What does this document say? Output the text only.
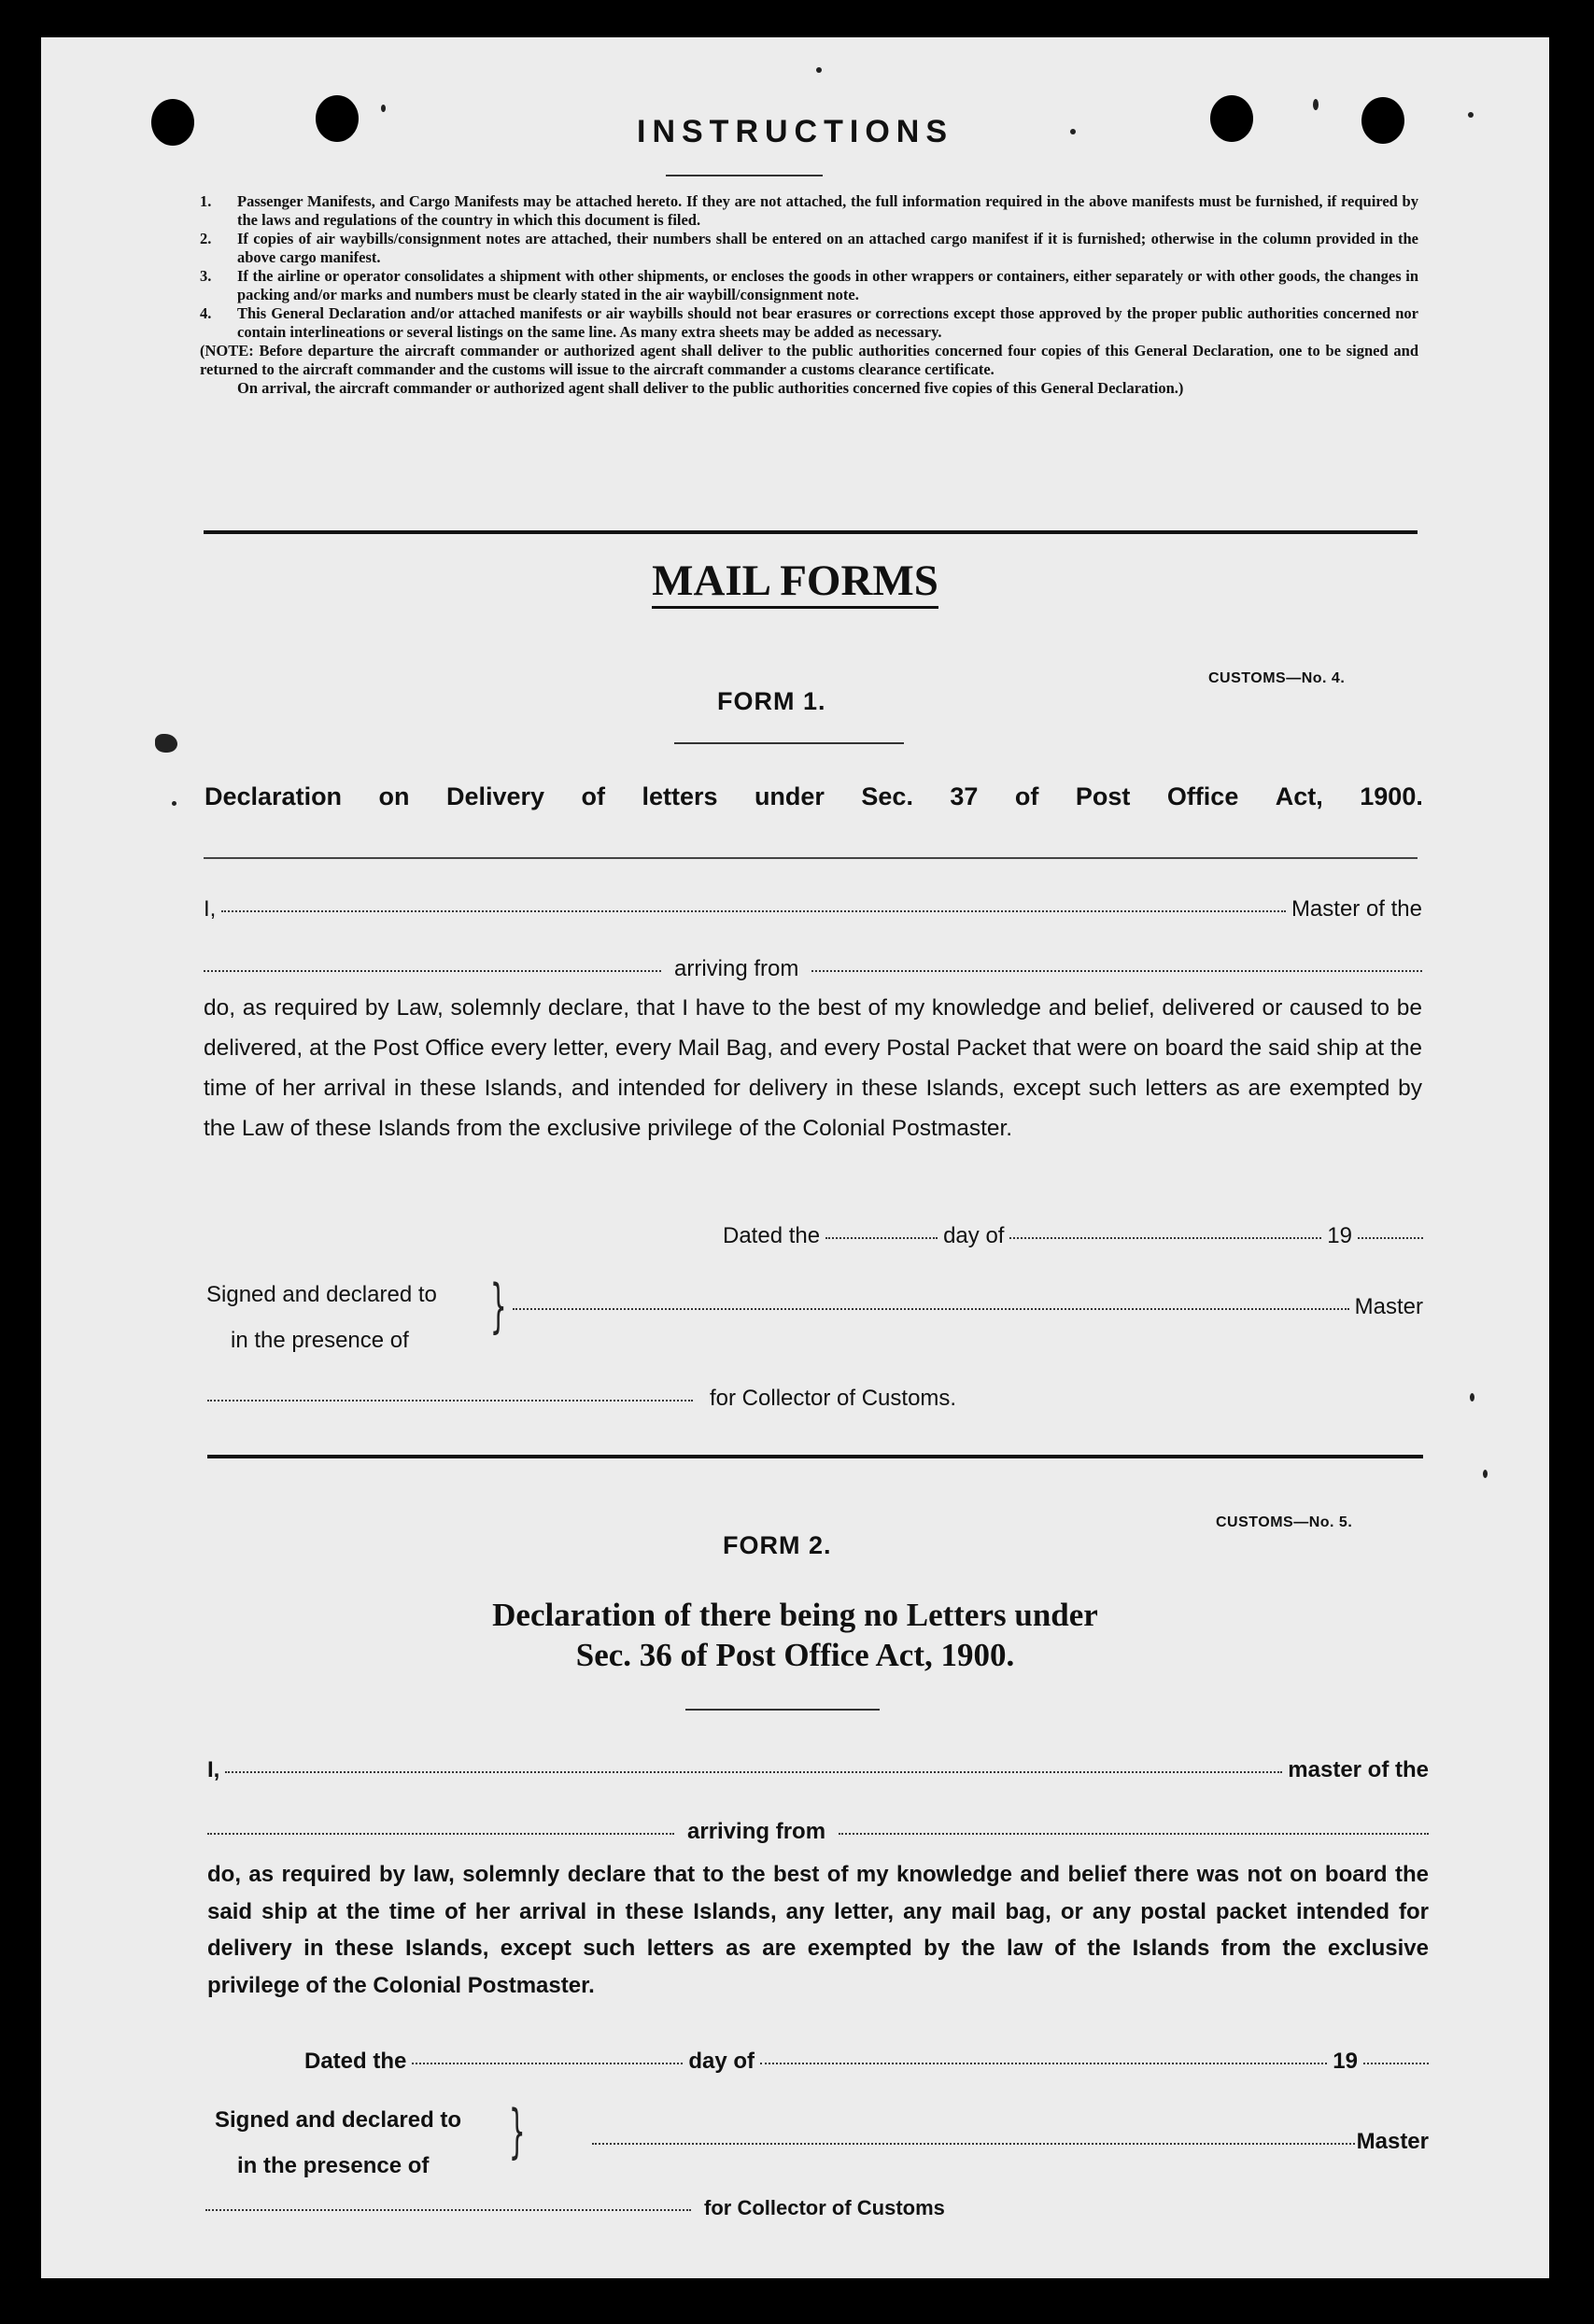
INSTRUCTIONS
1. Passenger Manifests, and Cargo Manifests may be attached hereto. If they are not attached, the full information required in the above manifests must be furnished, if required by the laws and regulations of the country in which this document is filed.
2. If copies of air waybills/consignment notes are attached, their numbers shall be entered on an attached cargo manifest if it is furnished; otherwise in the column provided in the above cargo manifest.
3. If the airline or operator consolidates a shipment with other shipments, or encloses the goods in other wrappers or containers, either separately or with other goods, the changes in packing and/or marks and numbers must be clearly stated in the air waybill/consignment note.
4. This General Declaration and/or attached manifests or air waybills should not bear erasures or corrections except those approved by the proper public authorities concerned nor contain interlineations or several listings on the same line. As many extra sheets may be added as necessary.
(NOTE: Before departure the aircraft commander or authorized agent shall deliver to the public authorities concerned four copies of this General Declaration, one to be signed and returned to the aircraft commander and the customs will issue to the aircraft commander a customs clearance certificate.
On arrival, the aircraft commander or authorized agent shall deliver to the public authorities concerned five copies of this General Declaration.)
MAIL FORMS
CUSTOMS—No. 4.
FORM 1.
Declaration on Delivery of letters under Sec. 37 of Post Office Act, 1900.
I,	Master of the
arriving from
do, as required by Law, solemnly declare, that I have to the best of my knowledge and belief, delivered or caused to be delivered, at the Post Office every letter, every Mail Bag, and every Postal Packet that were on board the said ship at the time of her arrival in these Islands, and intended for delivery in these Islands, except such letters as are exempted by the Law of these Islands from the exclusive privilege of the Colonial Postmaster.
Dated the	day of	19
Signed and declared to
in the presence of
}	Master
for Collector of Customs.
CUSTOMS—No. 5.
FORM 2.
Declaration of there being no Letters under
Sec. 36 of Post Office Act, 1900.
I,	master of the
arriving from
do, as required by law, solemnly declare that to the best of my knowledge and belief there was not on board the said ship at the time of her arrival in these Islands, any letter, any mail bag, or any postal packet intended for delivery in these Islands, except such letters as are exempted by the law of the Islands from the exclusive privilege of the Colonial Postmaster.
Dated the	day of	19
Signed and declared to
in the presence of
}	Master
for Collector of Customs
